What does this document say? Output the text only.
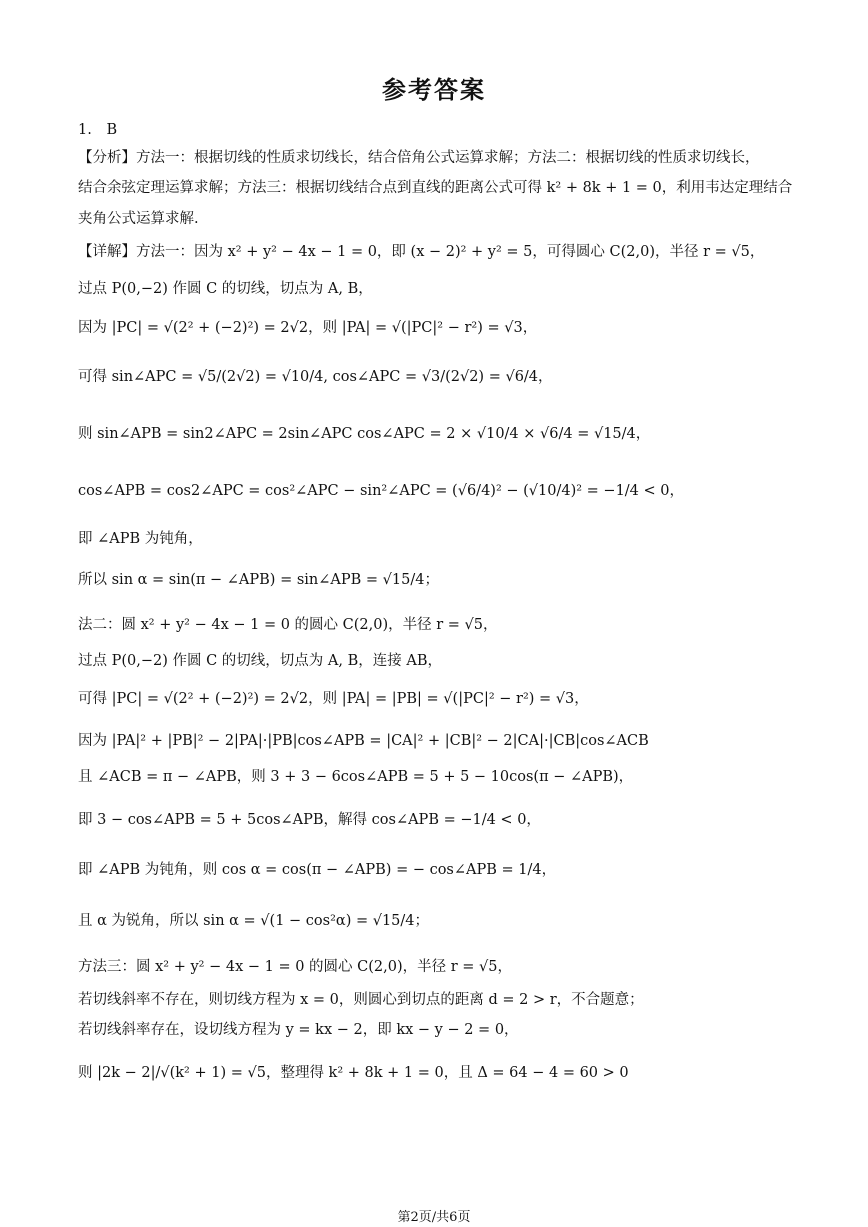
参考答案
1. B
【分析】方法一：根据切线的性质求切线长，结合倍角公式运算求解；方法二：根据切线的性质求切线长，
结合余弦定理运算求解；方法三：根据切线结合点到直线的距离公式可得 k² + 8k + 1 = 0，利用韦达定理结合
夹角公式运算求解.
【详解】方法一：因为 x² + y² − 4x − 1 = 0，即 (x − 2)² + y² = 5，可得圆心 C(2,0)，半径 r = √5，
过点 P(0,−2) 作圆 C 的切线，切点为 A, B，
因为 |PC| = √(2² + (−2)²) = 2√2，则 |PA| = √(|PC|² − r²) = √3，
可得 sin∠APC = √5/(2√2) = √10/4, cos∠APC = √3/(2√2) = √6/4，
则 sin∠APB = sin2∠APC = 2sin∠APC cos∠APC = 2 × √10/4 × √6/4 = √15/4，
cos∠APB = cos2∠APC = cos²∠APC − sin²∠APC = (√6/4)² − (√10/4)² = −1/4 < 0，
即 ∠APB 为钝角，
所以 sin α = sin(π − ∠APB) = sin∠APB = √15/4；
法二：圆 x² + y² − 4x − 1 = 0 的圆心 C(2,0)，半径 r = √5，
过点 P(0,−2) 作圆 C 的切线，切点为 A, B，连接 AB，
可得 |PC| = √(2² + (−2)²) = 2√2，则 |PA| = |PB| = √(|PC|² − r²) = √3，
因为 |PA|² + |PB|² − 2|PA|·|PB|cos∠APB = |CA|² + |CB|² − 2|CA|·|CB|cos∠ACB
且 ∠ACB = π − ∠APB，则 3 + 3 − 6cos∠APB = 5 + 5 − 10cos(π − ∠APB)，
即 3 − cos∠APB = 5 + 5cos∠APB，解得 cos∠APB = −1/4 < 0，
即 ∠APB 为钝角，则 cos α = cos(π − ∠APB) = − cos∠APB = 1/4，
且 α 为锐角，所以 sin α = √(1 − cos²α) = √15/4；
方法三：圆 x² + y² − 4x − 1 = 0 的圆心 C(2,0)，半径 r = √5，
若切线斜率不存在，则切线方程为 x = 0，则圆心到切点的距离 d = 2 > r，不合题意；
若切线斜率存在，设切线方程为 y = kx − 2，即 kx − y − 2 = 0，
则 |2k − 2|/√(k² + 1) = √5，整理得 k² + 8k + 1 = 0，且 Δ = 64 − 4 = 60 > 0
第2页/共6页
